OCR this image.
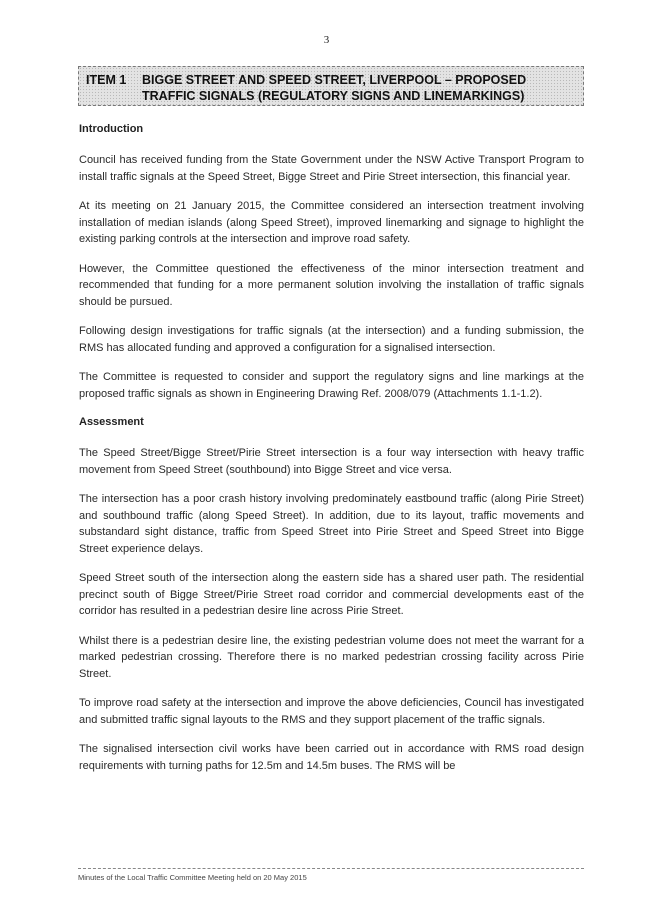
3
ITEM 1	BIGGE STREET AND SPEED STREET, LIVERPOOL – PROPOSED
TRAFFIC SIGNALS (REGULATORY SIGNS AND LINEMARKINGS)
Introduction

Council has received funding from the State Government under the NSW Active Transport Program to install traffic signals at the Speed Street, Bigge Street and Pirie Street intersection, this financial year.

At its meeting on 21 January 2015, the Committee considered an intersection treatment involving installation of median islands (along Speed Street), improved linemarking and signage to highlight the existing parking controls at the intersection and improve road safety.

However, the Committee questioned the effectiveness of the minor intersection treatment and recommended that funding for a more permanent solution involving the installation of traffic signals should be pursued.

Following design investigations for traffic signals (at the intersection) and a funding submission, the RMS has allocated funding and approved a configuration for a signalised intersection.

The Committee is requested to consider and support the regulatory signs and line markings at the proposed traffic signals as shown in Engineering Drawing Ref. 2008/079 (Attachments 1.1-1.2).

Assessment

The Speed Street/Bigge Street/Pirie Street intersection is a four way intersection with heavy traffic movement from Speed Street (southbound) into Bigge Street and vice versa.

The intersection has a poor crash history involving predominately eastbound traffic (along Pirie Street) and southbound traffic (along Speed Street). In addition, due to its layout, traffic movements and substandard sight distance, traffic from Speed Street into Pirie Street and Speed Street into Bigge Street experience delays.

Speed Street south of the intersection along the eastern side has a shared user path. The residential precinct south of Bigge Street/Pirie Street road corridor and commercial developments east of the corridor has resulted in a pedestrian desire line across Pirie Street.

Whilst there is a pedestrian desire line, the existing pedestrian volume does not meet the warrant for a marked pedestrian crossing. Therefore there is no marked pedestrian crossing facility across Pirie Street.

To improve road safety at the intersection and improve the above deficiencies, Council has investigated and submitted traffic signal layouts to the RMS and they support placement of the traffic signals.

The signalised intersection civil works have been carried out in accordance with RMS road design requirements with turning paths for 12.5m and 14.5m buses. The RMS will be

Minutes of the Local Traffic Committee Meeting held on 20 May 2015
